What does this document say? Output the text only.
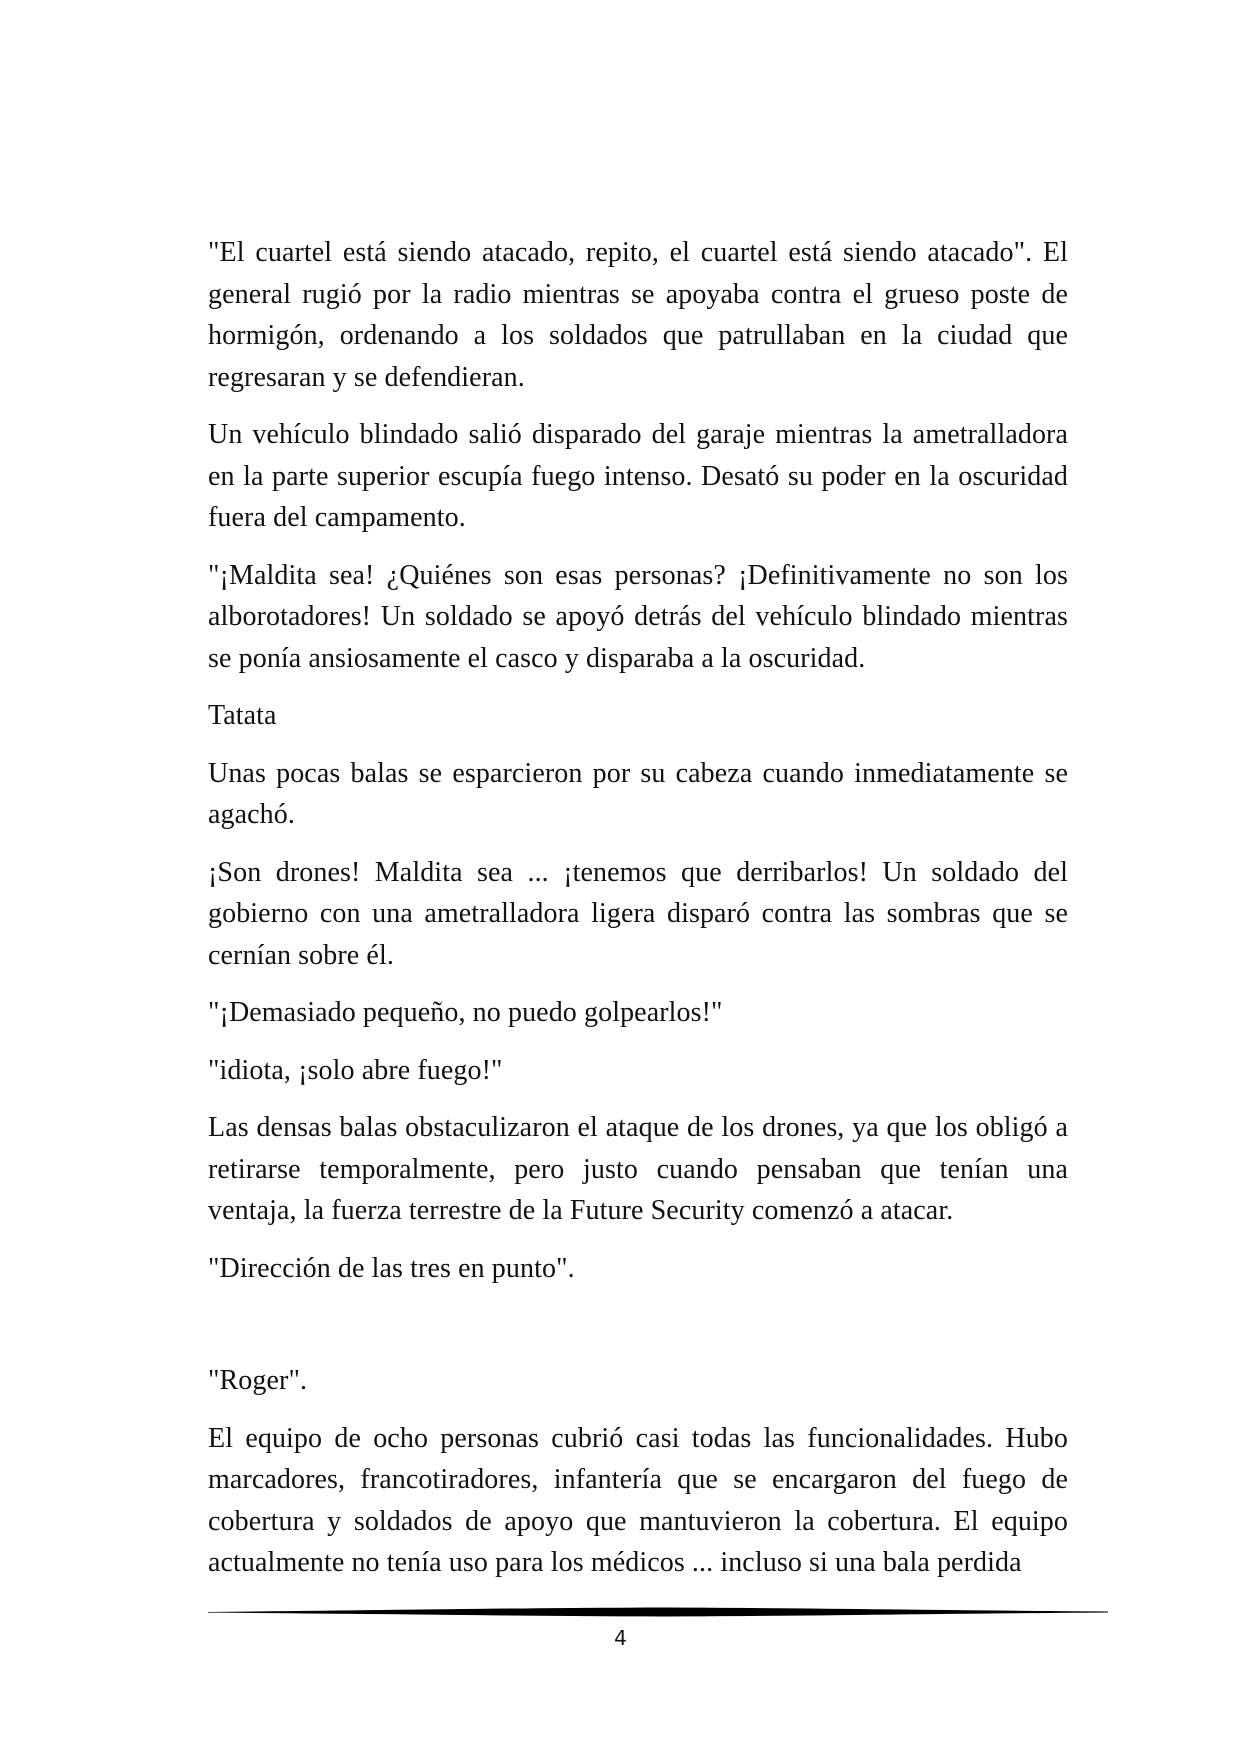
"El cuartel está siendo atacado, repito, el cuartel está siendo atacado". El general rugió por la radio mientras se apoyaba contra el grueso poste de hormigón, ordenando a los soldados que patrullaban en la ciudad que regresaran y se defendieran.

Un vehículo blindado salió disparado del garaje mientras la ametralladora en la parte superior escupía fuego intenso. Desató su poder en la oscuridad fuera del campamento.

"¡Maldita sea! ¿Quiénes son esas personas? ¡Definitivamente no son los alborotadores! Un soldado se apoyó detrás del vehículo blindado mientras se ponía ansiosamente el casco y disparaba a la oscuridad.

Tatata

Unas pocas balas se esparcieron por su cabeza cuando inmediatamente se agachó.

¡Son drones! Maldita sea ... ¡tenemos que derribarlos! Un soldado del gobierno con una ametralladora ligera disparó contra las sombras que se cernían sobre él.

"¡Demasiado pequeño, no puedo golpearlos!"

"idiota, ¡solo abre fuego!"

Las densas balas obstaculizaron el ataque de los drones, ya que los obligó a retirarse temporalmente, pero justo cuando pensaban que tenían una ventaja, la fuerza terrestre de la Future Security comenzó a atacar.

"Dirección de las tres en punto".

"Roger".

El equipo de ocho personas cubrió casi todas las funcionalidades. Hubo marcadores, francotiradores, infantería que se encargaron del fuego de cobertura y soldados de apoyo que mantuvieron la cobertura. El equipo actualmente no tenía uso para los médicos ... incluso si una bala perdida

4
